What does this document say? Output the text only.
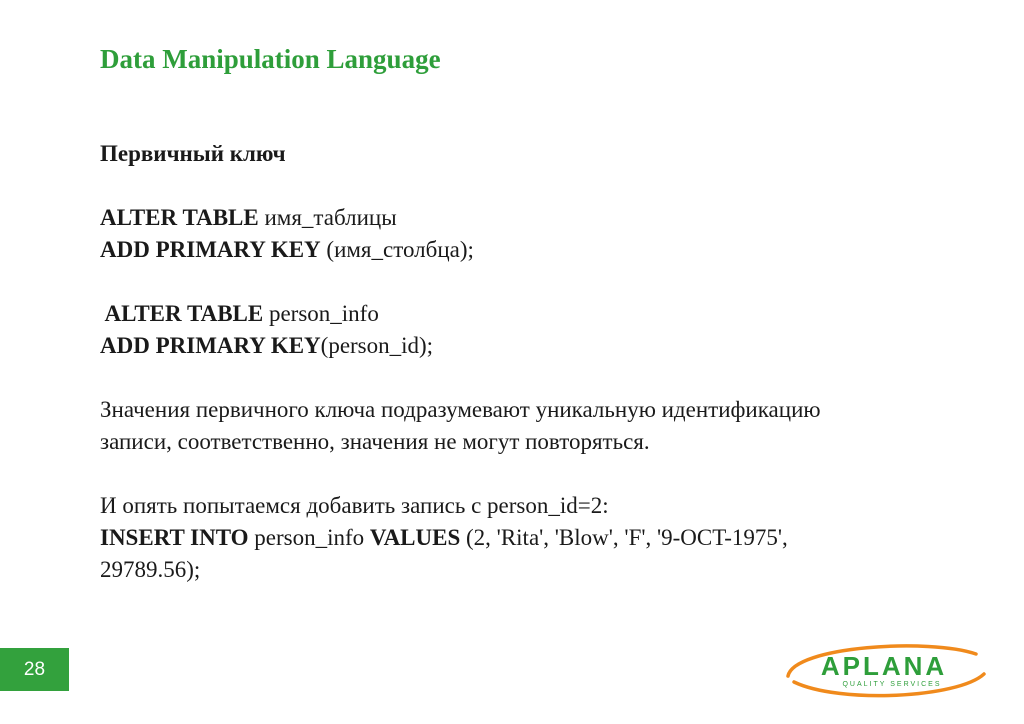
Data Manipulation Language
Первичный ключ
ALTER TABLE имя_таблицы
ADD PRIMARY KEY (имя_столбца);
ALTER TABLE person_info
ADD PRIMARY KEY(person_id);
Значения первичного ключа подразумевают уникальную идентификацию
записи, соответственно, значения не могут повторяться.
И опять попытаемся добавить запись с person_id=2:
INSERT INTO person_info VALUES (2, 'Rita', 'Blow', 'F', '9-OCT-1975',
29789.56);
28	APLANA
QUALITY SERVICES
